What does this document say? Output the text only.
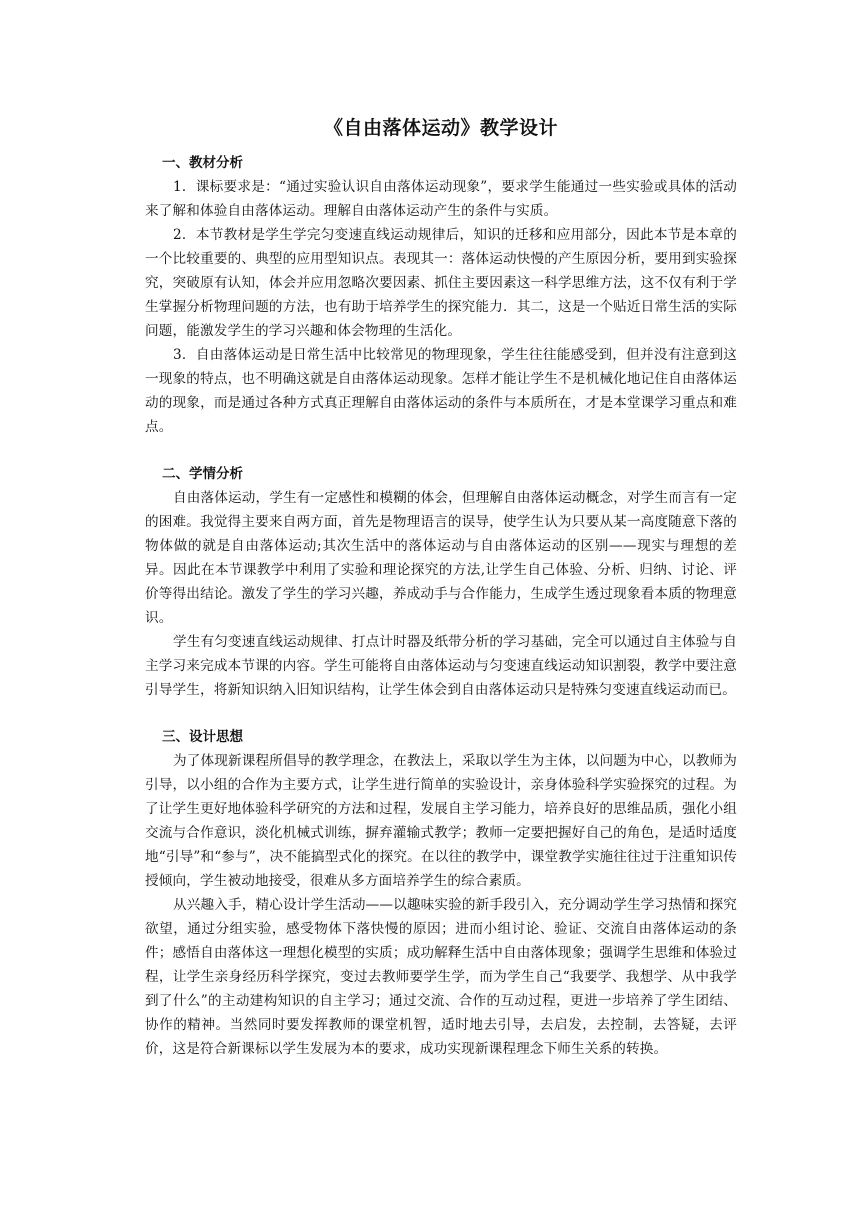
《自由落体运动》教学设计
一、教材分析

1．课标要求是：“通过实验认识自由落体运动现象”，要求学生能通过一些实验或具体的活动来了解和体验自由落体运动。理解自由落体运动产生的条件与实质。

2．本节教材是学生学完匀变速直线运动规律后，知识的迁移和应用部分，因此本节是本章的一个比较重要的、典型的应用型知识点。表现其一：落体运动快慢的产生原因分析，要用到实验探究，突破原有认知，体会并应用忽略次要因素、抓住主要因素这一科学思维方法，这不仅有利于学生掌握分析物理问题的方法，也有助于培养学生的探究能力．其二，这是一个贴近日常生活的实际问题，能激发学生的学习兴趣和体会物理的生活化。

3．自由落体运动是日常生活中比较常见的物理现象，学生往往能感受到，但并没有注意到这一现象的特点，也不明确这就是自由落体运动现象。怎样才能让学生不是机械化地记住自由落体运动的现象，而是通过各种方式真正理解自由落体运动的条件与本质所在，才是本堂课学习重点和难点。

二、学情分析

自由落体运动，学生有一定感性和模糊的体会，但理解自由落体运动概念，对学生而言有一定的困难。我觉得主要来自两方面，首先是物理语言的误导，使学生认为只要从某一高度随意下落的物体做的就是自由落体运动;其次生活中的落体运动与自由落体运动的区别——现实与理想的差异。因此在本节课教学中利用了实验和理论探究的方法,让学生自己体验、分析、归纳、讨论、评价等得出结论。激发了学生的学习兴趣，养成动手与合作能力，生成学生透过现象看本质的物理意识。

学生有匀变速直线运动规律、打点计时器及纸带分析的学习基础，完全可以通过自主体验与自主学习来完成本节课的内容。学生可能将自由落体运动与匀变速直线运动知识割裂，教学中要注意引导学生，将新知识纳入旧知识结构，让学生体会到自由落体运动只是特殊匀变速直线运动而已。

三、设计思想

为了体现新课程所倡导的教学理念，在教法上，采取以学生为主体，以问题为中心，以教师为引导，以小组的合作为主要方式，让学生进行简单的实验设计，亲身体验科学实验探究的过程。为了让学生更好地体验科学研究的方法和过程，发展自主学习能力，培养良好的思维品质，强化小组交流与合作意识，淡化机械式训练，摒弃灌输式教学；教师一定要把握好自己的角色，是适时适度地“引导”和“参与”，决不能搞型式化的探究。在以往的教学中，课堂教学实施往往过于注重知识传授倾向，学生被动地接受，很难从多方面培养学生的综合素质。

从兴趣入手，精心设计学生活动——以趣味实验的新手段引入，充分调动学生学习热情和探究欲望，通过分组实验，感受物体下落快慢的原因；进而小组讨论、验证、交流自由落体运动的条件；感悟自由落体这一理想化模型的实质；成功解释生活中自由落体现象；强调学生思维和体验过程，让学生亲身经历科学探究，变过去教师要学生学，而为学生自己“我要学、我想学、从中我学到了什么”的主动建构知识的自主学习；通过交流、合作的互动过程，更进一步培养了学生团结、协作的精神。当然同时要发挥教师的课堂机智，适时地去引导，去启发，去控制，去答疑，去评价，这是符合新课标以学生发展为本的要求，成功实现新课程理念下师生关系的转换。
